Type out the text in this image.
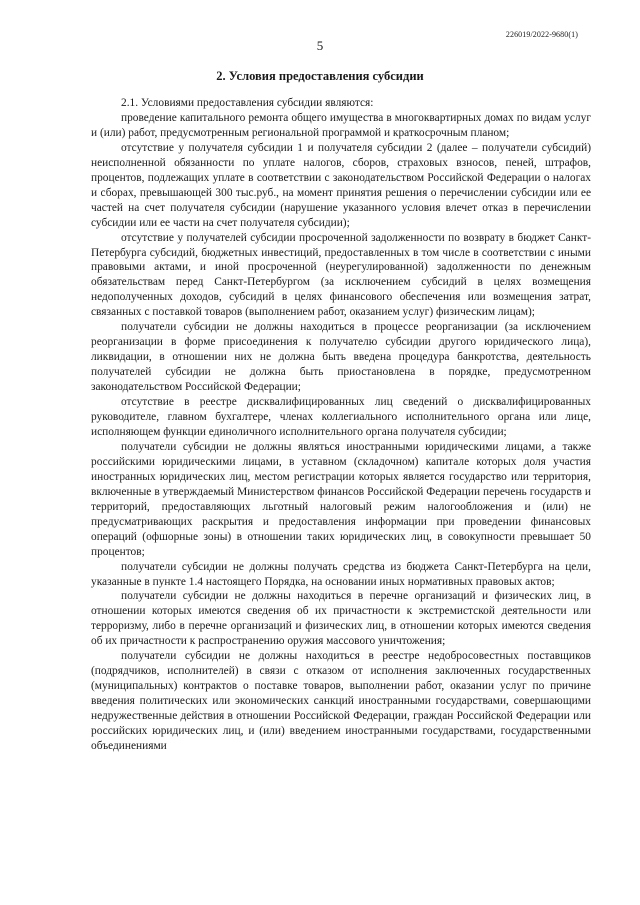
226019/2022-9680(1)
5
2. Условия предоставления субсидии

2.1. Условиями предоставления субсидии являются:

проведение капитального ремонта общего имущества в многоквартирных домах по видам услуг и (или) работ, предусмотренным региональной программой и краткосрочным планом;

отсутствие у получателя субсидии 1 и получателя субсидии 2 (далее – получатели субсидий) неисполненной обязанности по уплате налогов, сборов, страховых взносов, пеней, штрафов, процентов, подлежащих уплате в соответствии с законодательством Российской Федерации о налогах и сборах, превышающей 300 тыс.руб., на момент принятия решения о перечислении субсидии или ее частей на счет получателя субсидии (нарушение указанного условия влечет отказ в перечислении субсидии или ее части на счет получателя субсидии);

отсутствие у получателей субсидии просроченной задолженности по возврату в бюджет Санкт-Петербурга субсидий, бюджетных инвестиций, предоставленных в том числе в соответствии с иными правовыми актами, и иной просроченной (неурегулированной) задолженности по денежным обязательствам перед Санкт-Петербургом (за исключением субсидий в целях возмещения недополученных доходов, субсидий в целях финансового обеспечения или возмещения затрат, связанных с поставкой товаров (выполнением работ, оказанием услуг) физическим лицам);

получатели субсидии не должны находиться в процессе реорганизации (за исключением реорганизации в форме присоединения к получателю субсидии другого юридического лица), ликвидации, в отношении них не должна быть введена процедура банкротства, деятельность получателей субсидии не должна быть приостановлена в порядке, предусмотренном законодательством Российской Федерации;

отсутствие в реестре дисквалифицированных лиц сведений о дисквалифицированных руководителе, главном бухгалтере, членах коллегиального исполнительного органа или лице, исполняющем функции единоличного исполнительного органа получателя субсидии;

получатели субсидии не должны являться иностранными юридическими лицами, а также российскими юридическими лицами, в уставном (складочном) капитале которых доля участия иностранных юридических лиц, местом регистрации которых является государство или территория, включенные в утверждаемый Министерством финансов Российской Федерации перечень государств и территорий, предоставляющих льготный налоговый режим налогообложения и (или) не предусматривающих раскрытия и предоставления информации при проведении финансовых операций (офшорные зоны) в отношении таких юридических лиц, в совокупности превышает 50 процентов;

получатели субсидии не должны получать средства из бюджета Санкт-Петербурга на цели, указанные в пункте 1.4 настоящего Порядка, на основании иных нормативных правовых актов;

получатели субсидии не должны находиться в перечне организаций и физических лиц, в отношении которых имеются сведения об их причастности к экстремистской деятельности или терроризму, либо в перечне организаций и физических лиц, в отношении которых имеются сведения об их причастности к распространению оружия массового уничтожения;

получатели субсидии не должны находиться в реестре недобросовестных поставщиков (подрядчиков, исполнителей) в связи с отказом от исполнения заключенных государственных (муниципальных) контрактов о поставке товаров, выполнении работ, оказании услуг по причине введения политических или экономических санкций иностранными государствами, совершающими недружественные действия в отношении Российской Федерации, граждан Российской Федерации или российских юридических лиц, и (или) введением иностранными государствами, государственными объединениями
